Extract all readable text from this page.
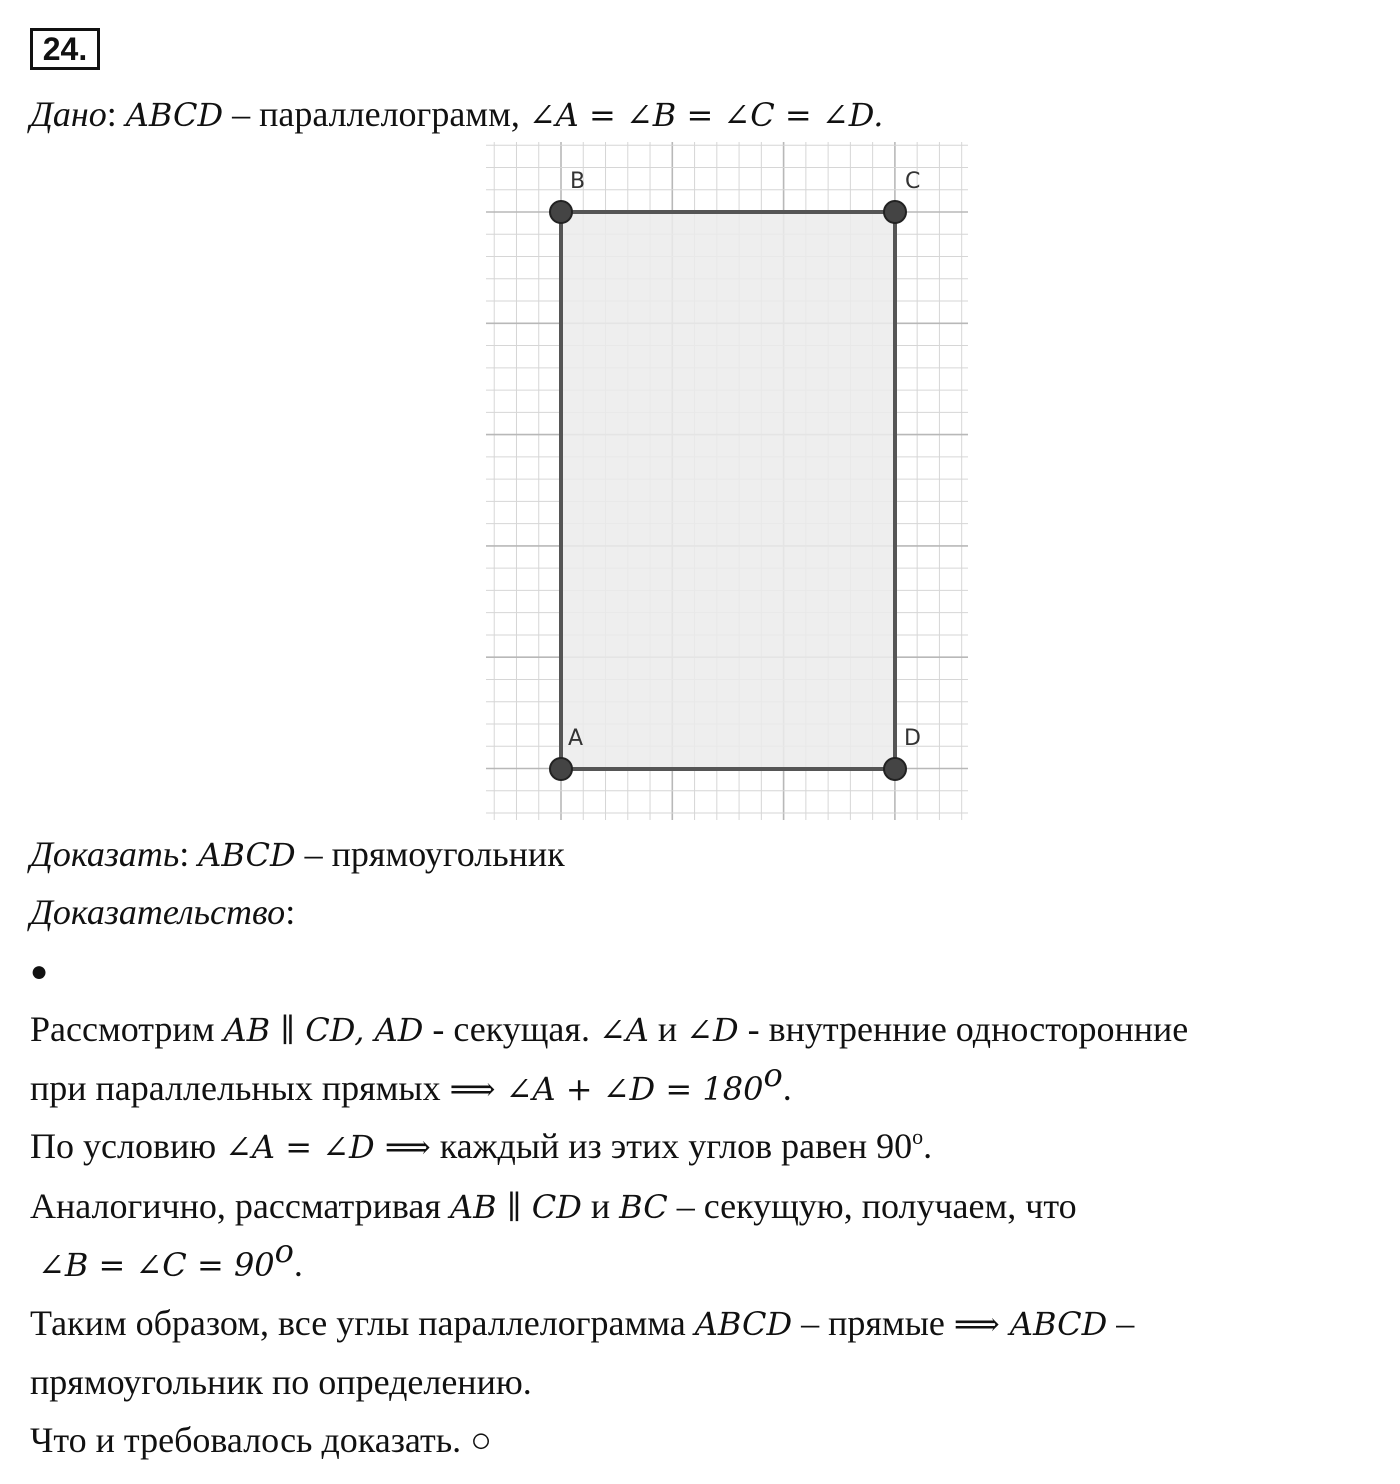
24.
Дано: ABCD – параллелограмм, ∠A = ∠B = ∠C = ∠D.
B	C
A	D
Доказать: ABCD – прямоугольник
Доказательство:
●
Рассмотрим AB ∥ CD, AD - секущая. ∠A и ∠D - внутренние односторонние
при параллельных прямых ⟹ ∠A + ∠D = $180^o$.
По условию ∠A = ∠D ⟹ каждый из этих углов равен 90$^o$.
Аналогично, рассматривая AB ∥ CD и BC – секущую, получаем, что
∠B = ∠C = $90^o$.
Таким образом, все углы параллелограмма ABCD – прямые ⟹ ABCD –
прямоугольник по определению.
Что и требовалось доказать. ○
